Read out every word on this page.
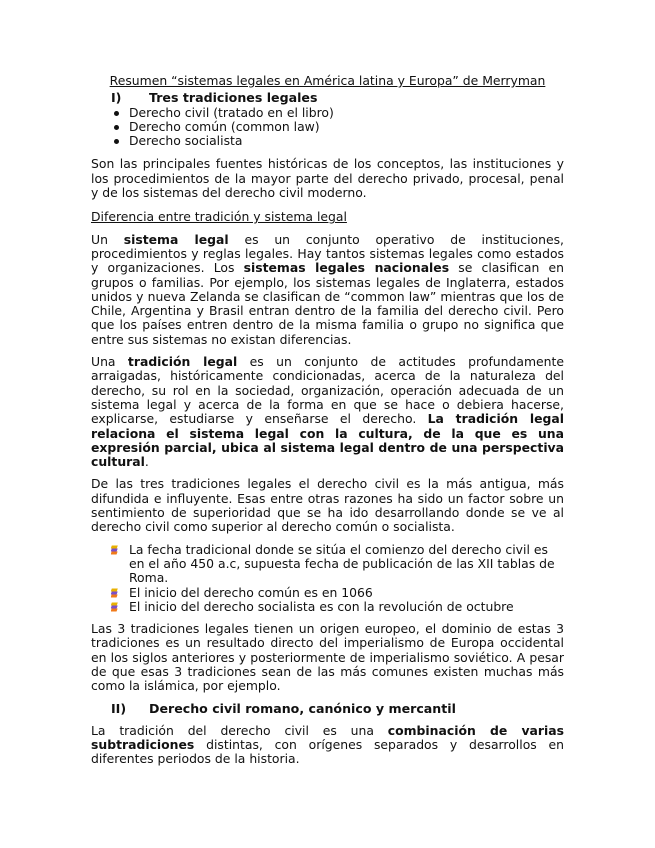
Resumen “sistemas legales en América latina y Europa” de Merryman
I)	Tres tradiciones legales
Derecho civil (tratado en el libro)
Derecho común (common law)
Derecho socialista

Son las principales fuentes históricas de los conceptos, las instituciones y los procedimientos de la mayor parte del derecho privado, procesal, penal y de los sistemas del derecho civil moderno.

Diferencia entre tradición y sistema legal

Un sistema legal es un conjunto operativo de instituciones, procedimientos y reglas legales. Hay tantos sistemas legales como estados y organizaciones. Los sistemas legales nacionales se clasifican en grupos o familias. Por ejemplo, los sistemas legales de Inglaterra, estados unidos y nueva Zelanda se clasifican de “common law” mientras que los de Chile, Argentina y Brasil entran dentro de la familia del derecho civil. Pero que los países entren dentro de la misma familia o grupo no significa que entre sus sistemas no existan diferencias.

Una tradición legal es un conjunto de actitudes profundamente arraigadas, históricamente condicionadas, acerca de la naturaleza del derecho, su rol en la sociedad, organización, operación adecuada de un sistema legal y acerca de la forma en que se hace o debiera hacerse, explicarse, estudiarse y enseñarse el derecho. La tradición legal relaciona el sistema legal con la cultura, de la que es una expresión parcial, ubica al sistema legal dentro de una perspectiva cultural.

De las tres tradiciones legales el derecho civil es la más antigua, más difundida e influyente. Esas entre otras razones ha sido un factor sobre un sentimiento de superioridad que se ha ido desarrollando donde se ve al derecho civil como superior al derecho común o socialista.

La fecha tradicional donde se sitúa el comienzo del derecho civil es en el año 450 a.c, supuesta fecha de publicación de las XII tablas de Roma.
El inicio del derecho común es en 1066
El inicio del derecho socialista es con la revolución de octubre

Las 3 tradiciones legales tienen un origen europeo, el dominio de estas 3 tradiciones es un resultado directo del imperialismo de Europa occidental en los siglos anteriores y posteriormente de imperialismo soviético. A pesar de que esas 3 tradiciones sean de las más comunes existen muchas más como la islámica, por ejemplo.

II)	Derecho civil romano, canónico y mercantil

La tradición del derecho civil es una combinación de varias subtradiciones distintas, con orígenes separados y desarrollos en diferentes periodos de la historia.
